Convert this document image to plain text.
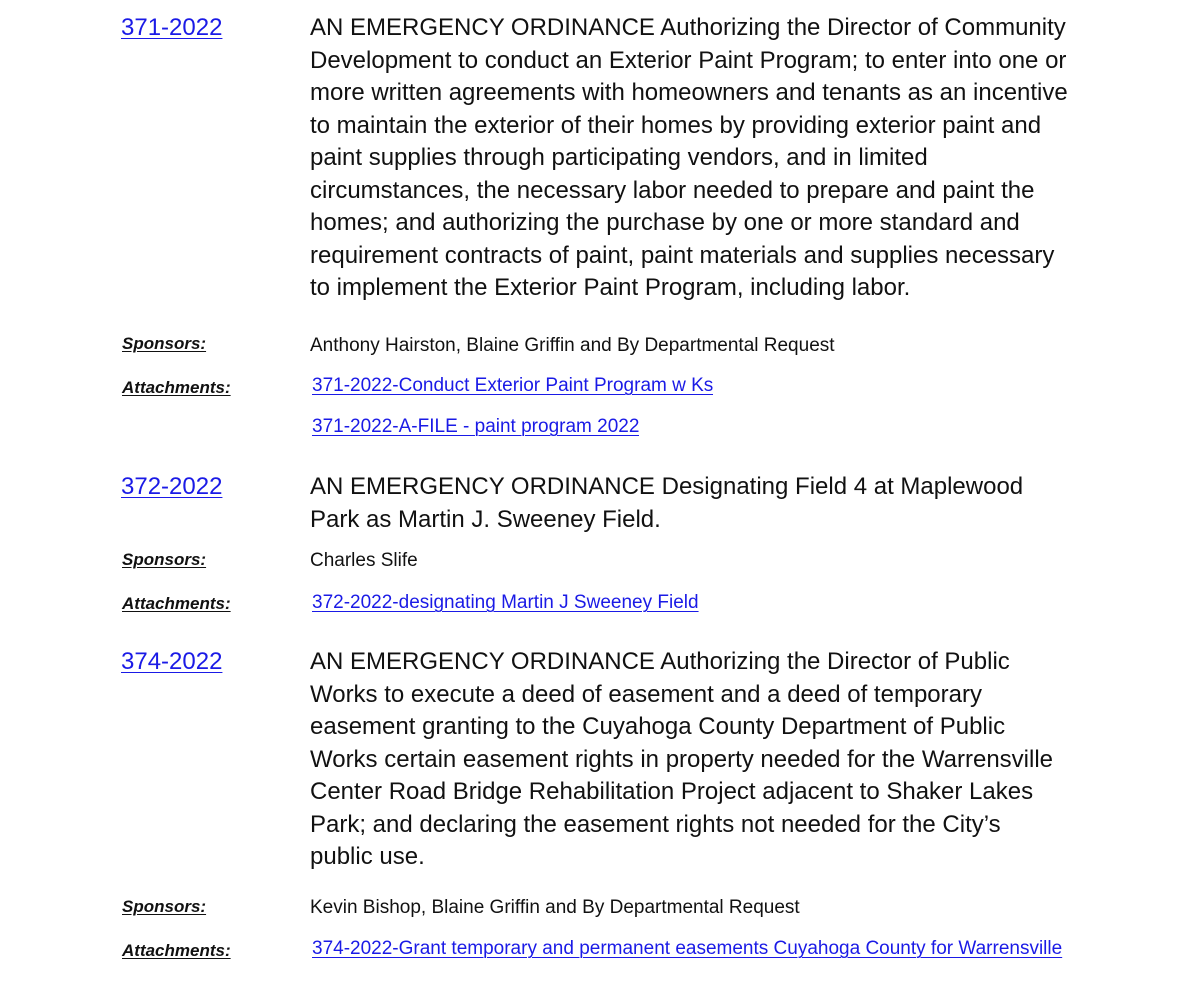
371-2022	AN EMERGENCY ORDINANCE Authorizing the Director of Community
Development to conduct an Exterior Paint Program; to enter into one or
more written agreements with homeowners and tenants as an incentive
to maintain the exterior of their homes by providing exterior paint and
paint supplies through participating vendors, and in limited
circumstances, the necessary labor needed to prepare and paint the
homes; and authorizing the purchase by one or more standard and
requirement contracts of paint, paint materials and supplies necessary
to implement the Exterior Paint Program, including labor.
Sponsors:	Anthony Hairston, Blaine Griffin and By Departmental Request
Attachments:	371-2022-Conduct Exterior Paint Program w Ks
371-2022-A-FILE - paint program 2022
372-2022	AN EMERGENCY ORDINANCE Designating Field 4 at Maplewood
Park as Martin J. Sweeney Field.
Sponsors:	Charles Slife
Attachments:	372-2022-designating Martin J Sweeney Field
374-2022	AN EMERGENCY ORDINANCE Authorizing the Director of Public
Works to execute a deed of easement and a deed of temporary
easement granting to the Cuyahoga County Department of Public
Works certain easement rights in property needed for the Warrensville
Center Road Bridge Rehabilitation Project adjacent to Shaker Lakes
Park; and declaring the easement rights not needed for the City’s
public use.
Sponsors:	Kevin Bishop, Blaine Griffin and By Departmental Request
Attachments:	374-2022-Grant temporary and permanent easements Cuyahoga County for Warrensville
